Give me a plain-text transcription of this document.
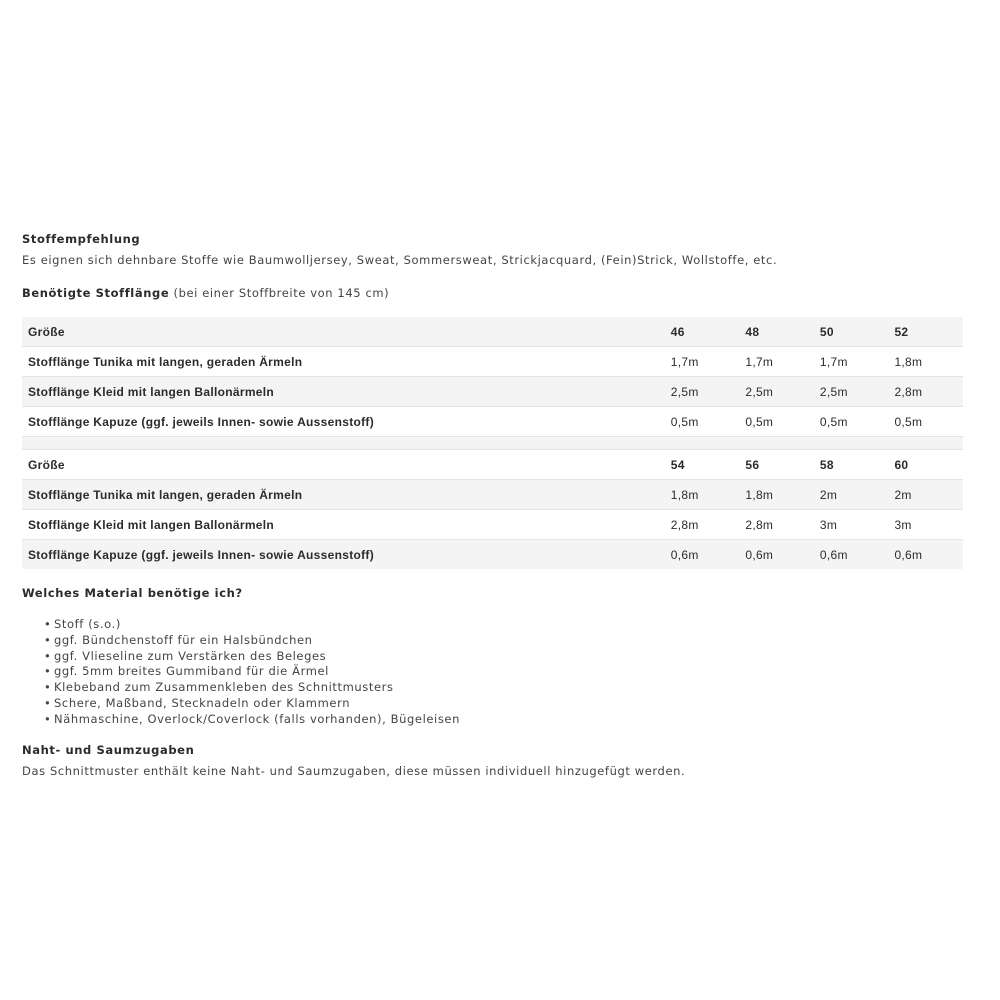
Stoffempfehlung

Es eignen sich dehnbare Stoffe wie Baumwolljersey, Sweat, Sommersweat, Strickjacquard, (Fein)Strick, Wollstoffe, etc.

Benötigte Stofflänge (bei einer Stoffbreite von 145 cm)

Größe	46	48	50	52
Stofflänge Tunika mit langen, geraden Ärmeln	1,7m	1,7m	1,7m	1,8m
Stofflänge Kleid mit langen Ballonärmeln	2,5m	2,5m	2,5m	2,8m
Stofflänge Kapuze (ggf. jeweils Innen- sowie Aussenstoff)	0,5m	0,5m	0,5m	0,5m

Größe	54	56	58	60
Stofflänge Tunika mit langen, geraden Ärmeln	1,8m	1,8m	2m	2m
Stofflänge Kleid mit langen Ballonärmeln	2,8m	2,8m	3m	3m
Stofflänge Kapuze (ggf. jeweils Innen- sowie Aussenstoff)	0,6m	0,6m	0,6m	0,6m
Welches Material benötige ich?
• Stoff (s.o.)
• ggf. Bündchenstoff für ein Halsbündchen
• ggf. Vlieseline zum Verstärken des Beleges
• ggf. 5mm breites Gummiband für die Ärmel
• Klebeband zum Zusammenkleben des Schnittmusters
• Schere, Maßband, Stecknadeln oder Klammern
• Nähmaschine, Overlock/Coverlock (falls vorhanden), Bügeleisen
Naht- und Saumzugaben

Das Schnittmuster enthält keine Naht- und Saumzugaben, diese müssen individuell hinzugefügt werden.
